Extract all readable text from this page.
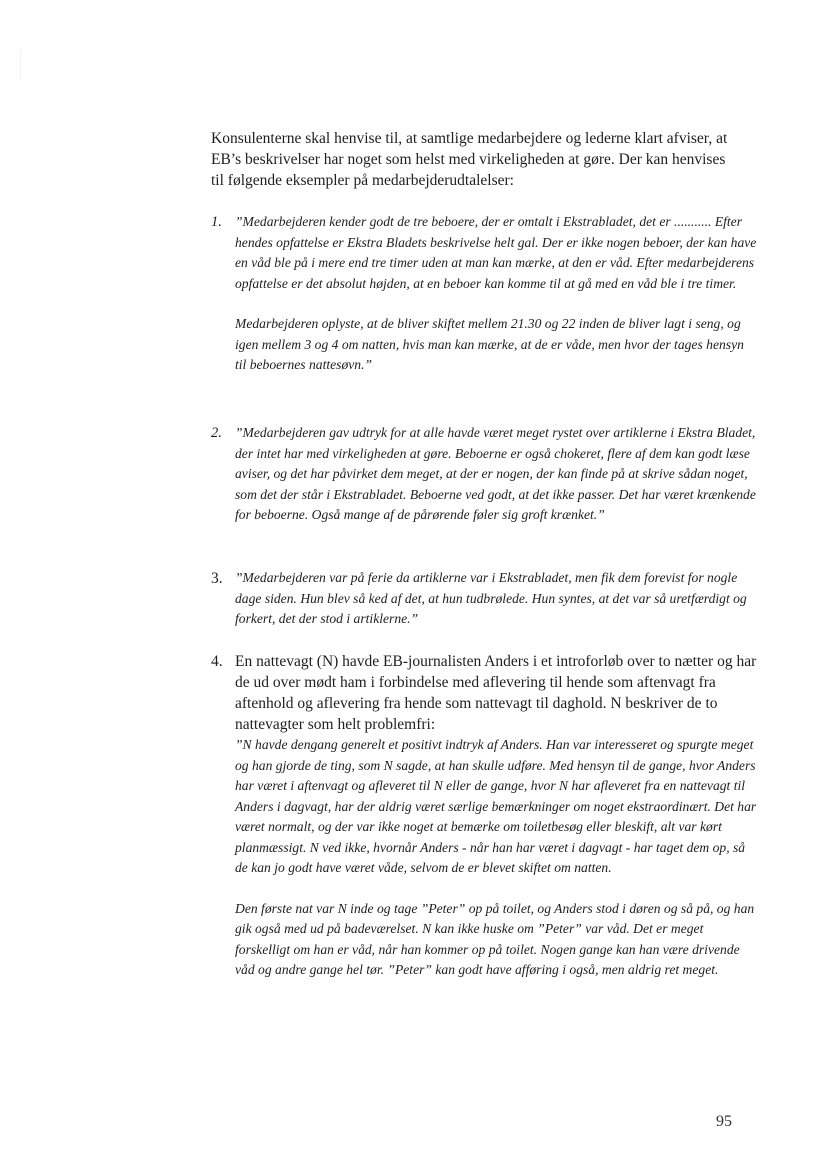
Konsulenterne skal henvise til, at samtlige medarbejdere og lederne klart afviser, at EB’s beskrivelser har noget som helst med virkeligheden at gøre. Der kan henvises til følgende eksempler på medarbejderudtalelser:

1. ”Medarbejderen kender godt de tre beboere, der er omtalt i Ekstrabladet, det er ........... Efter hendes opfattelse er Ekstra Bladets beskrivelse helt gal. Der er ikke nogen beboer, der kan have en våd ble på i mere end tre timer uden at man kan mærke, at den er våd. Efter medarbejderens opfattelse er det absolut højden, at en beboer kan komme til at gå med en våd ble i tre timer.

Medarbejderen oplyste, at de bliver skiftet mellem 21.30 og 22 inden de bliver lagt i seng, og igen mellem 3 og 4 om natten, hvis man kan mærke, at de er våde, men hvor der tages hensyn til beboernes nattesøvn.”

2. ”Medarbejderen gav udtryk for at alle havde været meget rystet over artiklerne i Ekstra Bladet, der intet har med virkeligheden at gøre. Beboerne er også chokeret, flere af dem kan godt læse aviser, og det har påvirket dem meget, at der er nogen, der kan finde på at skrive sådan noget, som det der står i Ekstrabladet. Beboerne ved godt, at det ikke passer. Det har været krænkende for beboerne. Også mange af de pårørende føler sig groft krænket.”

3. ”Medarbejderen var på ferie da artiklerne var i Ekstrabladet, men fik dem forevist for nogle dage siden. Hun blev så ked af det, at hun tudbrølede. Hun syntes, at det var så uretfærdigt og forkert, det der stod i artiklerne.”

4. En nattevagt (N) havde EB-journalisten Anders i et introforløb over to nætter og har de ud over mødt ham i forbindelse med aflevering til hende som aftenvagt fra aftenhold og aflevering fra hende som nattevagt til daghold. N beskriver de to nattevagter som helt problemfri:

”N havde dengang generelt et positivt indtryk af Anders. Han var interesseret og spurgte meget og han gjorde de ting, som N sagde, at han skulle udføre. Med hensyn til de gange, hvor Anders har været i aftenvagt og afleveret til N eller de gange, hvor N har afleveret fra en nattevagt til Anders i dagvagt, har der aldrig været særlige bemærkninger om noget ekstraordinært. Det har været normalt, og der var ikke noget at bemærke om toiletbesøg eller bleskift, alt var kørt planmæssigt. N ved ikke, hvornår Anders - når han har været i dagvagt - har taget dem op, så de kan jo godt have været våde, selvom de er blevet skiftet om natten.

Den første nat var N inde og tage ”Peter” op på toilet, og Anders stod i døren og så på, og han gik også med ud på badeværelset. N kan ikke huske om ”Peter” var våd. Det er meget forskelligt om han er våd, når han kommer op på toilet. Nogen gange kan han være drivende våd og andre gange hel tør. ”Peter” kan godt have afføring i også, men aldrig ret meget.

95
